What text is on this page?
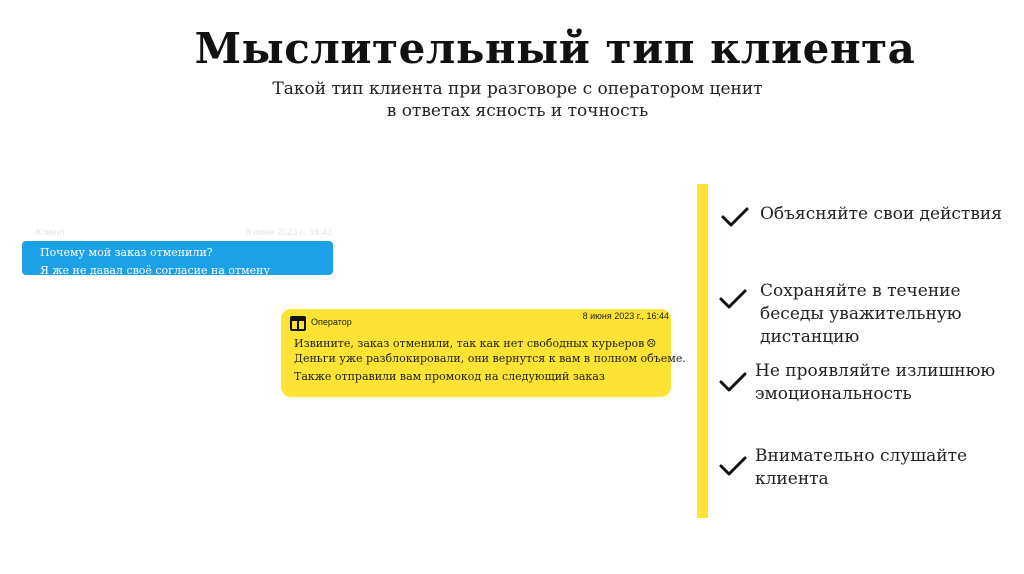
Мыслительный тип клиента
Такой тип клиента при разговоре с оператором ценит
в ответах ясность и точность
Клиент	8 июня 2023 г., 16:43
Почему мой заказ отменили?
Я же не давал своё согласие на отмену
Оператор
8 июня 2023 г., 16:44
Извините, заказ отменили, так как нет свободных курьеров ☹
Деньги уже разблокировали, они вернутся к вам в полном объеме.
Также отправили вам промокод на следующий заказ
Объясняйте свои действия
Сохраняйте в течение
беседы уважительную
дистанцию
Не проявляйте излишнюю
эмоциональность
Внимательно слушайте
клиента
